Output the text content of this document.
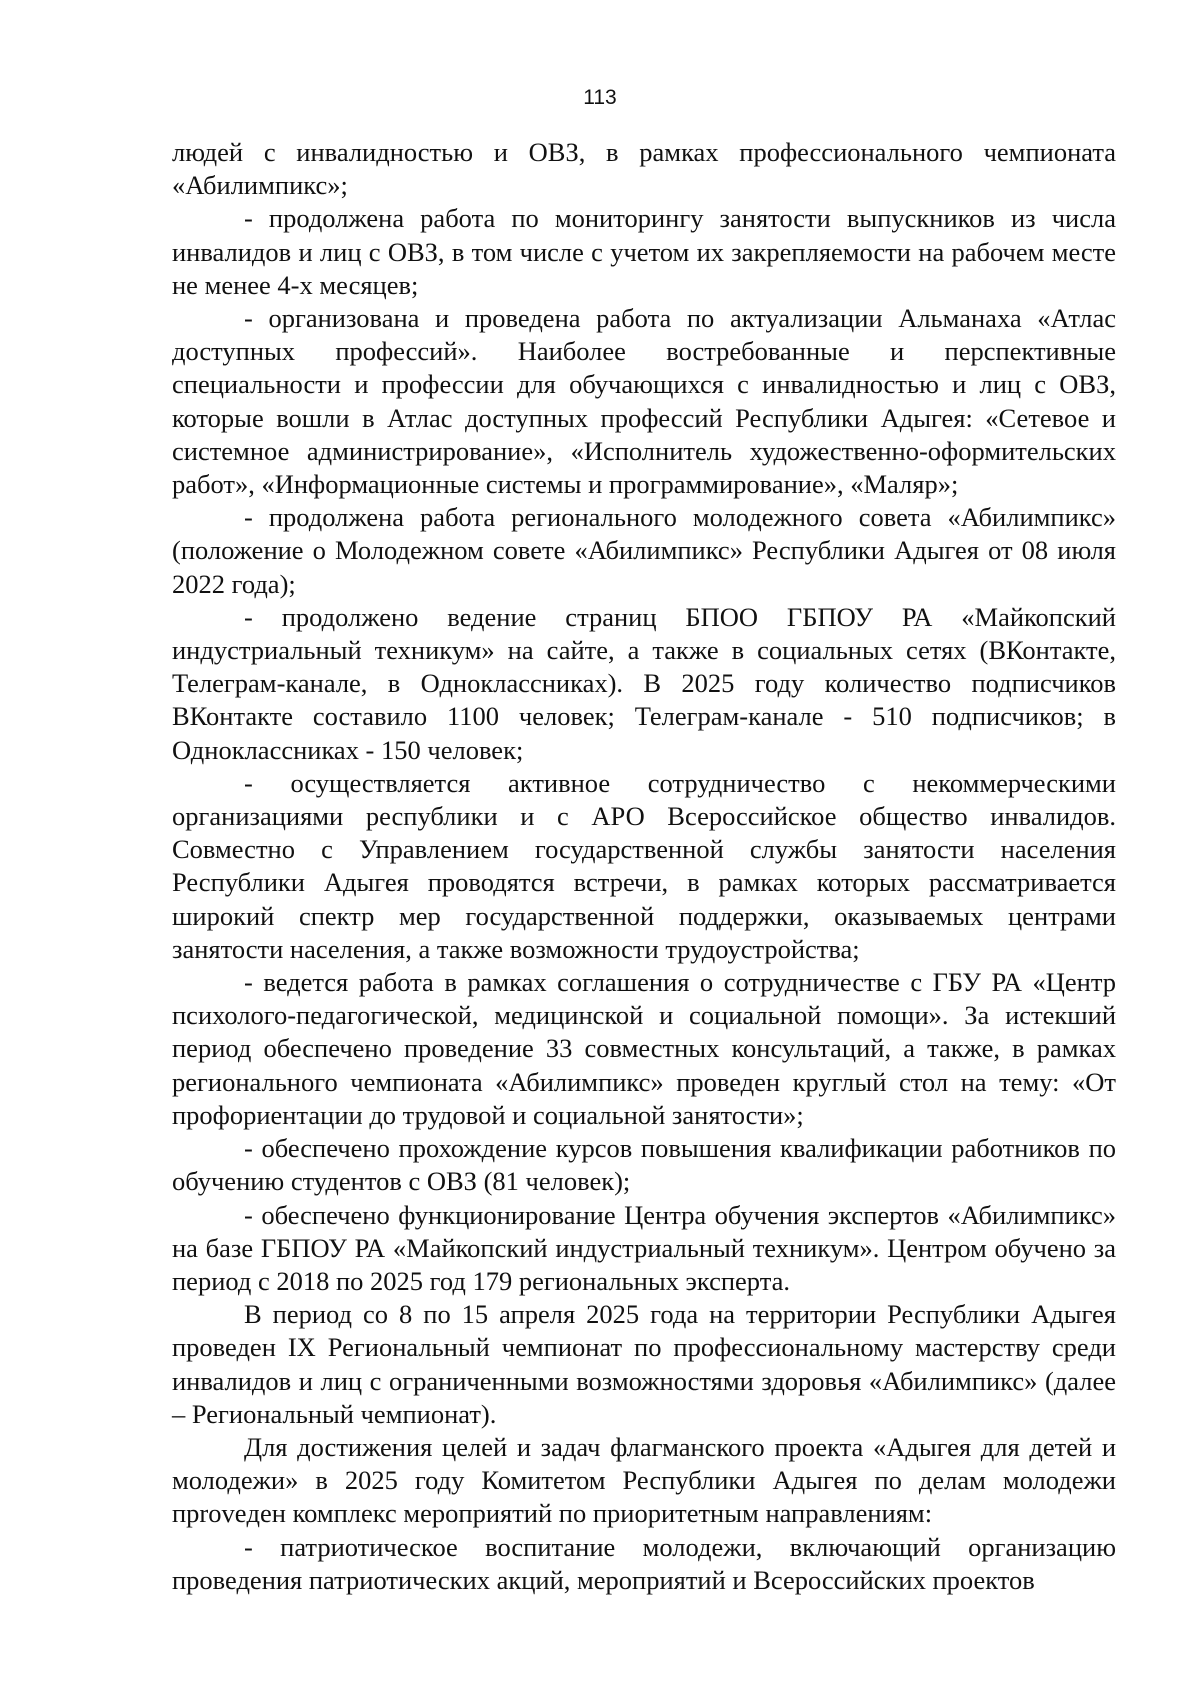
113

людей с инвалидностью и ОВЗ, в рамках профессионального чемпионата «Абилимпикс»;

- продолжена работа по мониторингу занятости выпускников из числа инвалидов и лиц с ОВЗ, в том числе с учетом их закрепляемости на рабочем месте не менее 4-х месяцев;

- организована и проведена работа по актуализации Альманаха «Атлас доступных профессий». Наиболее востребованные и перспективные специальности и профессии для обучающихся с инвалидностью и лиц с ОВЗ, которые вошли в Атлас доступных профессий Республики Адыгея: «Сетевое и системное администрирование», «Исполнитель художественно-оформительских работ», «Информационные системы и программирование», «Маляр»;

- продолжена работа регионального молодежного совета «Абилимпикс» (положение о Молодежном совете «Абилимпикс» Республики Адыгея от 08 июля 2022 года);

- продолжено ведение страниц БПОО ГБПОУ РА «Майкопский индустриальный техникум» на сайте, а также в социальных сетях (ВКонтакте, Телеграм-канале, в Одноклассниках). В 2025 году количество подписчиков ВКонтакте составило 1100 человек; Телеграм-канале - 510 подписчиков; в Одноклассниках - 150 человек;

- осуществляется активное сотрудничество с некоммерческими организациями республики и с АРО Всероссийское общество инвалидов. Совместно с Управлением государственной службы занятости населения Республики Адыгея проводятся встречи, в рамках которых рассматривается широкий спектр мер государственной поддержки, оказываемых центрами занятости населения, а также возможности трудоустройства;

- ведется работа в рамках соглашения о сотрудничестве с ГБУ РА «Центр психолого-педагогической, медицинской и социальной помощи». За истекший период обеспечено проведение 33 совместных консультаций, а также, в рамках регионального чемпионата «Абилимпикс» проведен круглый стол на тему: «От профориентации до трудовой и социальной занятости»;

- обеспечено прохождение курсов повышения квалификации работников по обучению студентов с ОВЗ (81 человек);

- обеспечено функционирование Центра обучения экспертов «Абилимпикс» на базе ГБПОУ РА «Майкопский индустриальный техникум». Центром обучено за период с 2018 по 2025 год 179 региональных эксперта.

В период со 8 по 15 апреля 2025 года на территории Республики Адыгея проведен IX Региональный чемпионат по профессиональному мастерству среди инвалидов и лиц с ограниченными возможностями здоровья «Абилимпикс» (далее – Региональный чемпионат).

Для достижения целей и задач флагманского проекта «Адыгея для детей и молодежи» в 2025 году Комитетом Республики Адыгея по делам молодежи пproveден комплекс мероприятий по приоритетным направлениям:

- патриотическое воспитание молодежи, включающий организацию проведения патриотических акций, мероприятий и Всероссийских проектов
